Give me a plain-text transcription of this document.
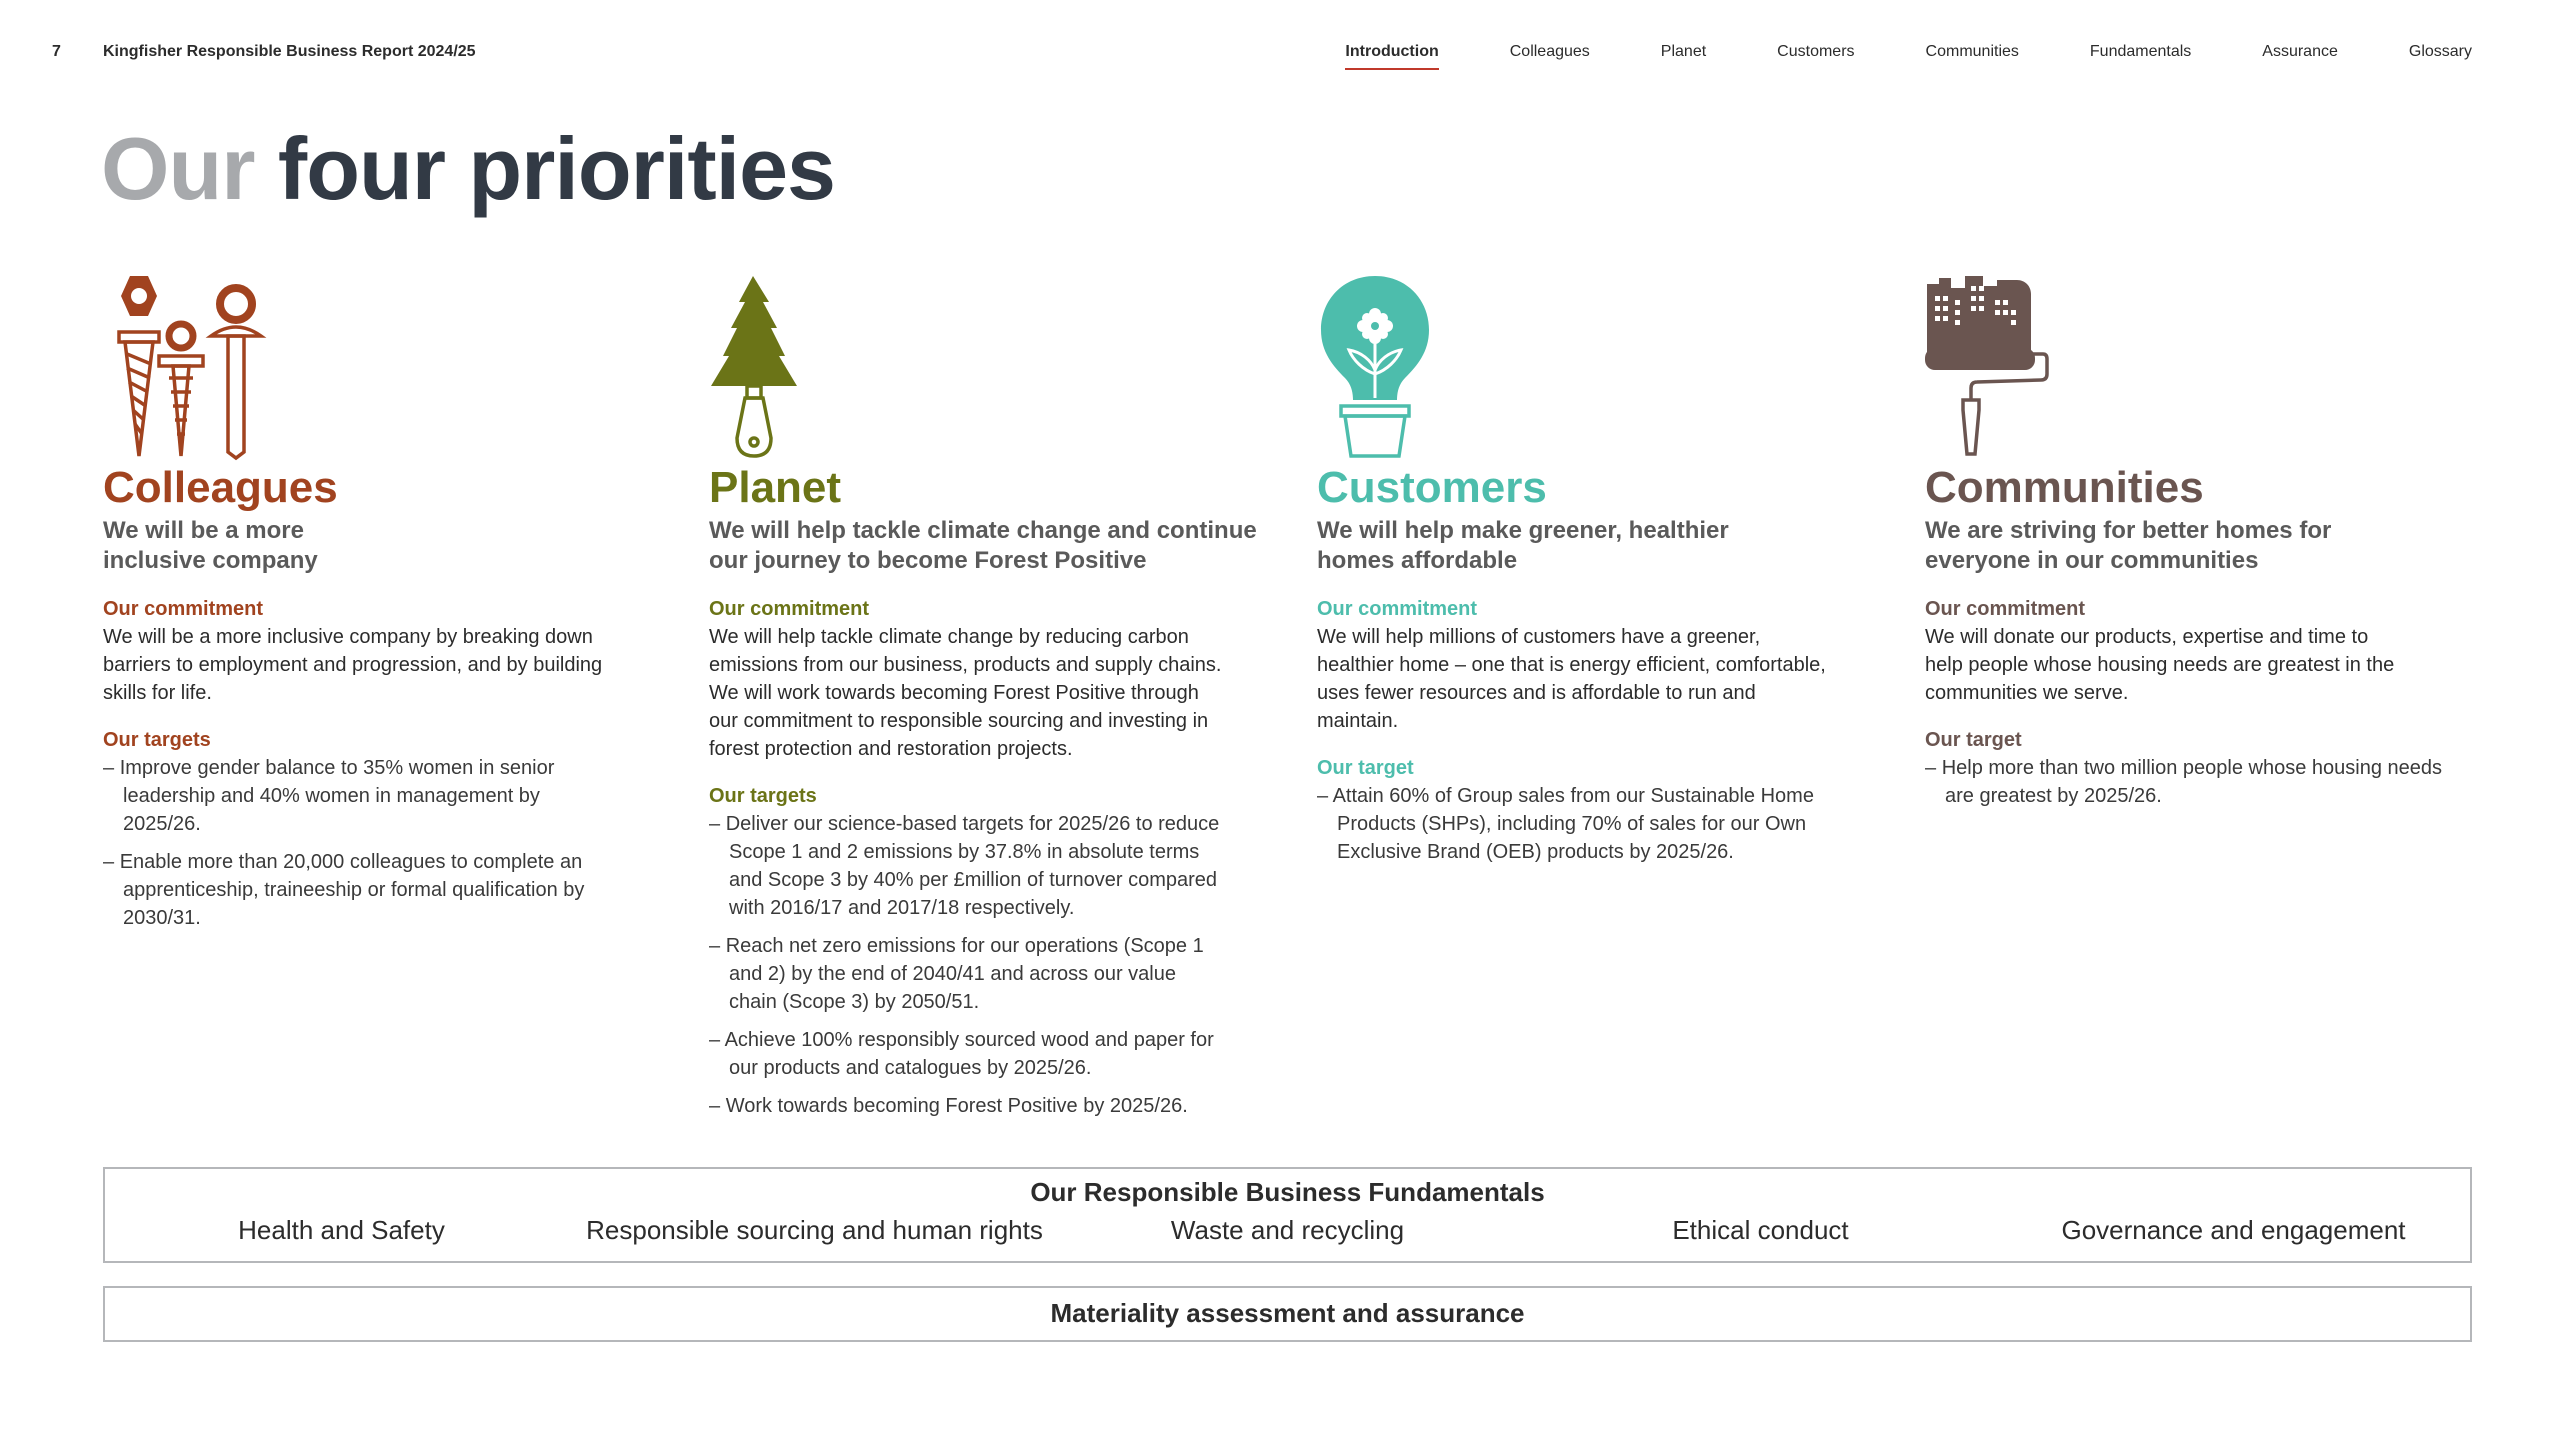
7	Kingfisher Responsible Business Report 2024/25	Introduction	Colleagues	Planet	Customers	Communities	Fundamentals	Assurance	Glossary
Our four priorities
Colleagues

We will be a more inclusive company

Our commitment

We will be a more inclusive company by breaking down barriers to employment and progression, and by building skills for life.

Our targets
– Improve gender balance to 35% women in senior leadership and 40% women in management by 2025/26.
– Enable more than 20,000 colleagues to complete an apprenticeship, traineeship or formal qualification by 2030/31.
Planet

We will help tackle climate change and continue our journey to become Forest Positive

Our commitment

We will help tackle climate change by reducing carbon emissions from our business, products and supply chains. We will work towards becoming Forest Positive through our commitment to responsible sourcing and investing in forest protection and restoration projects.

Our targets
– Deliver our science-based targets for 2025/26 to reduce Scope 1 and 2 emissions by 37.8% in absolute terms and Scope 3 by 40% per £million of turnover compared with 2016/17 and 2017/18 respectively.
– Reach net zero emissions for our operations (Scope 1 and 2) by the end of 2040/41 and across our value chain (Scope 3) by 2050/51.
– Achieve 100% responsibly sourced wood and paper for our products and catalogues by 2025/26.
– Work towards becoming Forest Positive by 2025/26.
Customers

We will help make greener, healthier homes affordable

Our commitment

We will help millions of customers have a greener, healthier home – one that is energy efficient, comfortable, uses fewer resources and is affordable to run and maintain.

Our target
– Attain 60% of Group sales from our Sustainable Home Products (SHPs), including 70% of sales for our Own Exclusive Brand (OEB) products by 2025/26.
Communities

We are striving for better homes for everyone in our communities

Our commitment

We will donate our products, expertise and time to help people whose housing needs are greatest in the communities we serve.

Our target
– Help more than two million people whose housing needs are greatest by 2025/26.
Our Responsible Business Fundamentals
Health and Safety	Responsible sourcing and human rights	Waste and recycling	Ethical conduct	Governance and engagement
Materiality assessment and assurance
